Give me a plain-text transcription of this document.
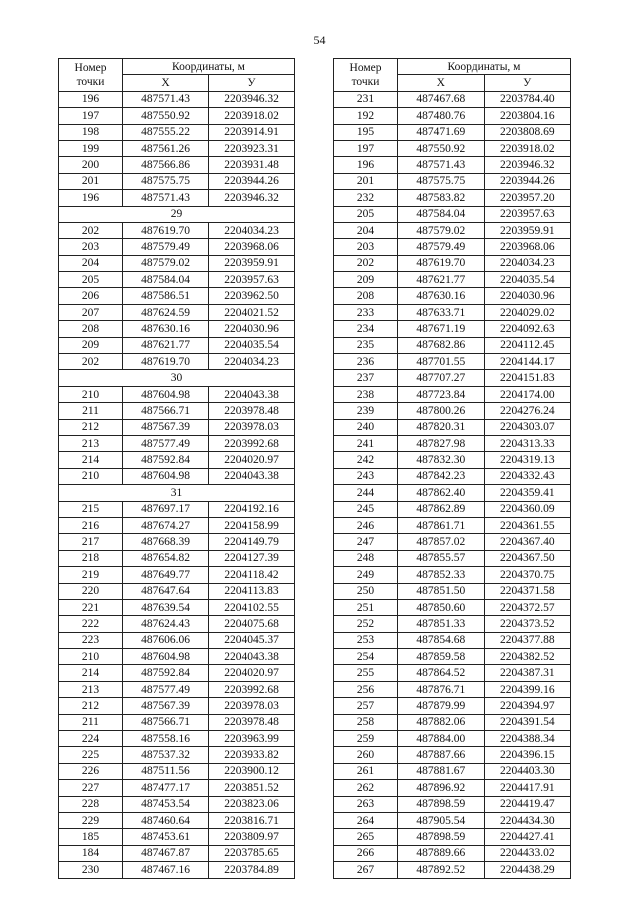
54
Номер
точки	Координаты, м	
	X	У
196	487571.43	2203946.32
197	487550.92	2203918.02
198	487555.22	2203914.91
199	487561.26	2203923.31
200	487566.86	2203931.48
201	487575.75	2203944.26
196	487571.43	2203946.32
29		
202	487619.70	2204034.23
203	487579.49	2203968.06
204	487579.02	2203959.91
205	487584.04	2203957.63
206	487586.51	2203962.50
207	487624.59	2204021.52
208	487630.16	2204030.96
209	487621.77	2204035.54
202	487619.70	2204034.23
30		
210	487604.98	2204043.38
211	487566.71	2203978.48
212	487567.39	2203978.03
213	487577.49	2203992.68
214	487592.84	2204020.97
210	487604.98	2204043.38
31		
215	487697.17	2204192.16
216	487674.27	2204158.99
217	487668.39	2204149.79
218	487654.82	2204127.39
219	487649.77	2204118.42
220	487647.64	2204113.83
221	487639.54	2204102.55
222	487624.43	2204075.68
223	487606.06	2204045.37
210	487604.98	2204043.38
214	487592.84	2204020.97
213	487577.49	2203992.68
212	487567.39	2203978.03
211	487566.71	2203978.48
224	487558.16	2203963.99
225	487537.32	2203933.82
226	487511.56	2203900.12
227	487477.17	2203851.52
228	487453.54	2203823.06
229	487460.64	2203816.71
185	487453.61	2203809.97
184	487467.87	2203785.65
230	487467.16	2203784.89
Номер
точки	Координаты, м	
	X	У
231	487467.68	2203784.40
192	487480.76	2203804.16
195	487471.69	2203808.69
197	487550.92	2203918.02
196	487571.43	2203946.32
201	487575.75	2203944.26
232	487583.82	2203957.20
205	487584.04	2203957.63
204	487579.02	2203959.91
203	487579.49	2203968.06
202	487619.70	2204034.23
209	487621.77	2204035.54
208	487630.16	2204030.96
233	487633.71	2204029.02
234	487671.19	2204092.63
235	487682.86	2204112.45
236	487701.55	2204144.17
237	487707.27	2204151.83
238	487723.84	2204174.00
239	487800.26	2204276.24
240	487820.31	2204303.07
241	487827.98	2204313.33
242	487832.30	2204319.13
243	487842.23	2204332.43
244	487862.40	2204359.41
245	487862.89	2204360.09
246	487861.71	2204361.55
247	487857.02	2204367.40
248	487855.57	2204367.50
249	487852.33	2204370.75
250	487851.50	2204371.58
251	487850.60	2204372.57
252	487851.33	2204373.52
253	487854.68	2204377.88
254	487859.58	2204382.52
255	487864.52	2204387.31
256	487876.71	2204399.16
257	487879.99	2204394.97
258	487882.06	2204391.54
259	487884.00	2204388.34
260	487887.66	2204396.15
261	487881.67	2204403.30
262	487896.92	2204417.91
263	487898.59	2204419.47
264	487905.54	2204434.30
265	487898.59	2204427.41
266	487889.66	2204433.02
267	487892.52	2204438.29
